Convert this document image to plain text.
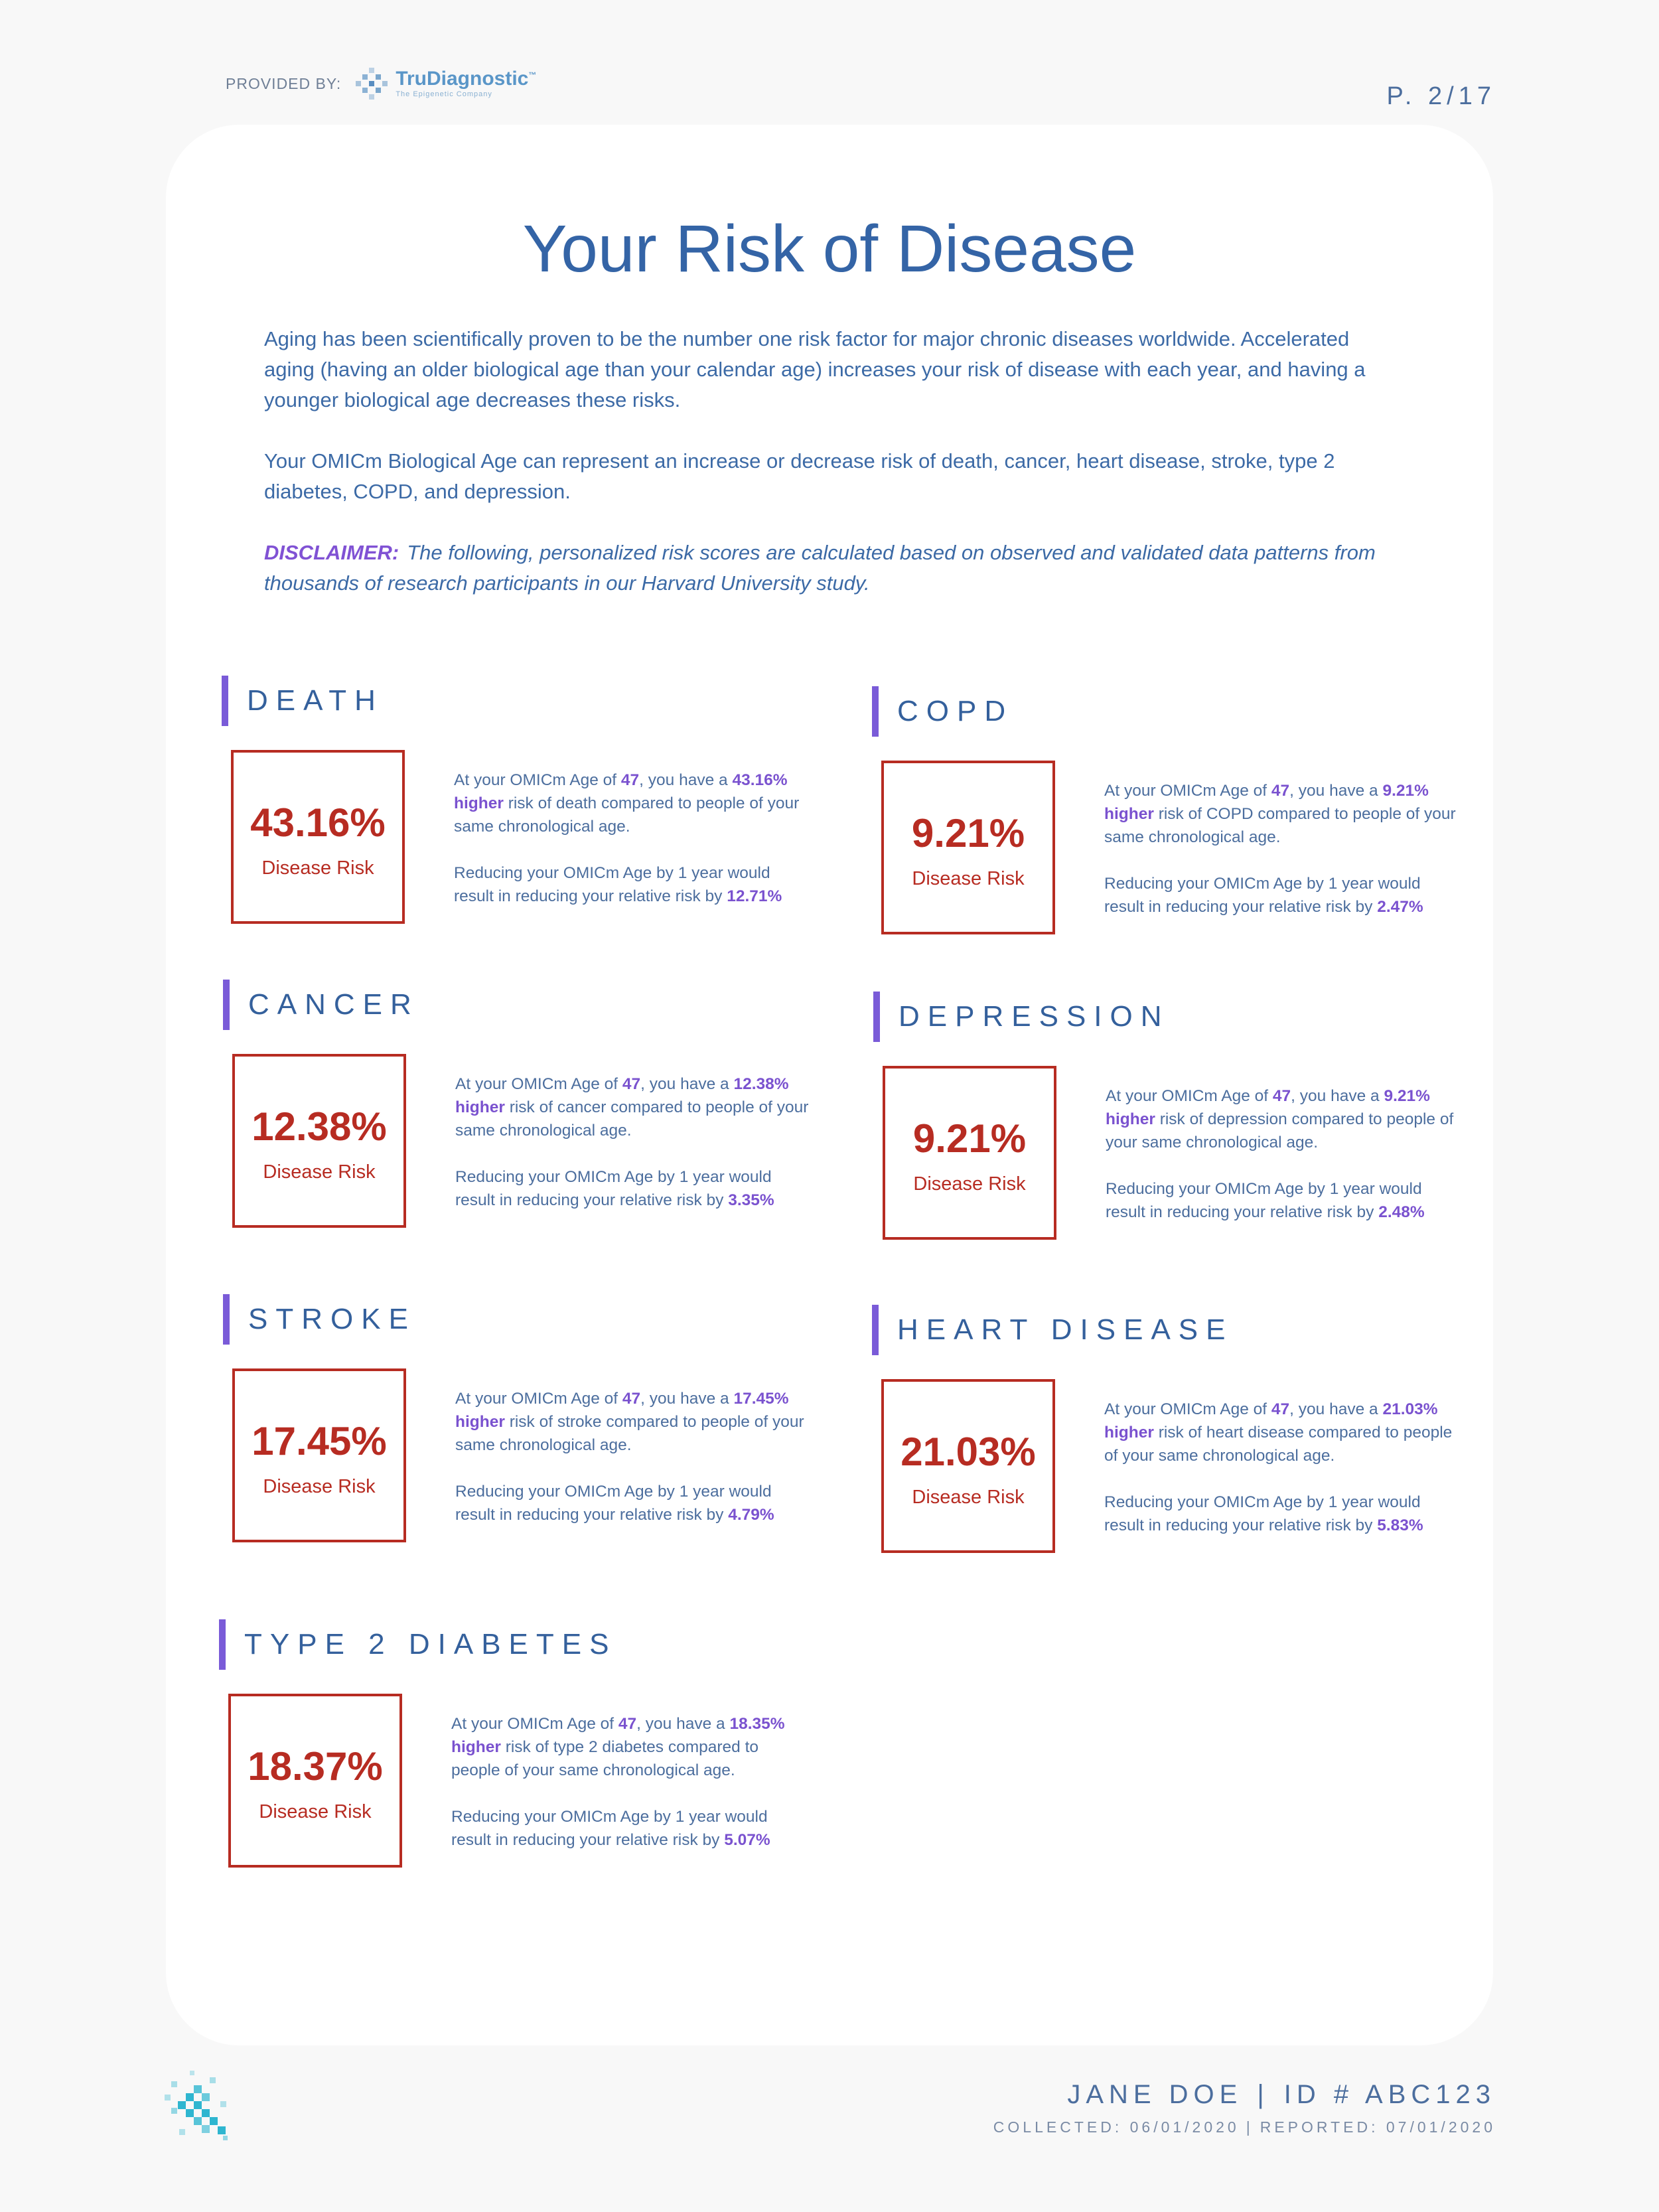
PROVIDED BY:	TruDiagnostic™
The Epigenetic Company	P. 2/17
Your Risk of Disease

Aging has been scientifically proven to be the number one risk factor for major chronic diseases worldwide. Accelerated aging (having an older biological age than your calendar age) increases your risk of disease with each year, and having a younger biological age decreases these risks.

Your OMICm Biological Age can represent an increase or decrease risk of death, cancer, heart disease, stroke, type 2 diabetes, COPD, and depression.

DISCLAIMER: The following, personalized risk scores are calculated based on observed and validated data patterns from thousands of research participants in our Harvard University study.

DEATH
43.16%
Disease Risk

At your OMICm Age of 47, you have a 43.16% higher risk of death compared to people of your same chronological age.

Reducing your OMICm Age by 1 year would result in reducing your relative risk by 12.71%

COPD
9.21%
Disease Risk

At your OMICm Age of 47, you have a 9.21% higher risk of COPD compared to people of your same chronological age.

Reducing your OMICm Age by 1 year would result in reducing your relative risk by 2.47%

CANCER
12.38%
Disease Risk

At your OMICm Age of 47, you have a 12.38% higher risk of cancer compared to people of your same chronological age.

Reducing your OMICm Age by 1 year would result in reducing your relative risk by 3.35%

DEPRESSION
9.21%
Disease Risk

At your OMICm Age of 47, you have a 9.21% higher risk of depression compared to people of your same chronological age.

Reducing your OMICm Age by 1 year would result in reducing your relative risk by 2.48%

STROKE
17.45%
Disease Risk

At your OMICm Age of 47, you have a 17.45% higher risk of stroke compared to people of your same chronological age.

Reducing your OMICm Age by 1 year would result in reducing your relative risk by 4.79%

HEART DISEASE
21.03%
Disease Risk

At your OMICm Age of 47, you have a 21.03% higher risk of heart disease compared to people of your same chronological age.

Reducing your OMICm Age by 1 year would result in reducing your relative risk by 5.83%

TYPE 2 DIABETES
18.37%
Disease Risk

At your OMICm Age of 47, you have a 18.35% higher risk of type 2 diabetes compared to people of your same chronological age.

Reducing your OMICm Age by 1 year would result in reducing your relative risk by 5.07%

JANE DOE | ID # ABC123
COLLECTED: 06/01/2020 | REPORTED: 07/01/2020
